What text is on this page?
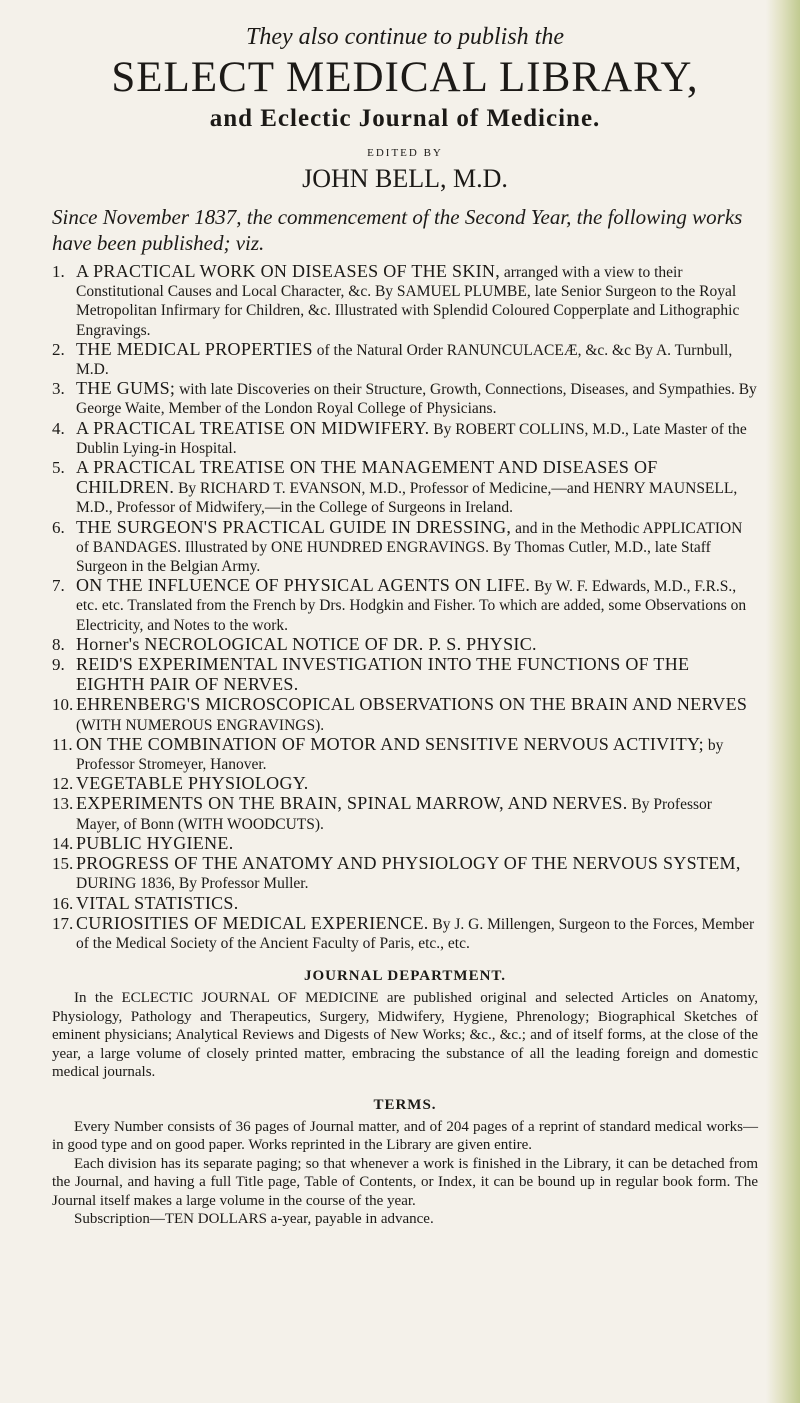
They also continue to publish the

SELECT MEDICAL LIBRARY,

and Eclectic Journal of Medicine.

EDITED BY

JOHN BELL, M.D.

Since November 1837, the commencement of the Second Year, the following works have been published; viz.

1. A PRACTICAL WORK ON DISEASES OF THE SKIN, arranged with a view to their Constitutional Causes and Local Character, &c. By SAMUEL PLUMBE, late Senior Surgeon to the Royal Metropolitan Infirmary for Children, &c. Illustrated with Splendid Coloured Copperplate and Lithographic Engravings.
2. THE MEDICAL PROPERTIES of the Natural Order RANUNCULACEÆ, &c. &c By A. Turnbull, M.D.
3. THE GUMS; with late Discoveries on their Structure, Growth, Connections, Diseases, and Sympathies. By George Waite, Member of the London Royal College of Physicians.
4. A PRACTICAL TREATISE ON MIDWIFERY. By ROBERT COLLINS, M.D., Late Master of the Dublin Lying-in Hospital.
5. A PRACTICAL TREATISE ON THE MANAGEMENT AND DISEASES OF CHILDREN. By RICHARD T. EVANSON, M.D., Professor of Medicine,—and HENRY MAUNSELL, M.D., Professor of Midwifery,—in the College of Surgeons in Ireland.
6. THE SURGEON'S PRACTICAL GUIDE IN DRESSING, and in the Methodic APPLICATION of BANDAGES. Illustrated by ONE HUNDRED ENGRAVINGS. By Thomas Cutler, M.D., late Staff Surgeon in the Belgian Army.
7. ON THE INFLUENCE OF PHYSICAL AGENTS ON LIFE. By W. F. Edwards, M.D., F.R.S., etc. etc. Translated from the French by Drs. Hodgkin and Fisher. To which are added, some Observations on Electricity, and Notes to the work.
8. Horner's NECROLOGICAL NOTICE OF DR. P. S. PHYSIC.
9. REID'S EXPERIMENTAL INVESTIGATION INTO THE FUNCTIONS OF THE EIGHTH PAIR OF NERVES.
10. EHRENBERG'S MICROSCOPICAL OBSERVATIONS ON THE BRAIN AND NERVES (WITH NUMEROUS ENGRAVINGS).
11. ON THE COMBINATION OF MOTOR AND SENSITIVE NERVOUS ACTIVITY; by Professor Stromeyer, Hanover.
12. VEGETABLE PHYSIOLOGY.
13. EXPERIMENTS ON THE BRAIN, SPINAL MARROW, AND NERVES. By Professor Mayer, of Bonn (WITH WOODCUTS).
14. PUBLIC HYGIENE.
15. PROGRESS OF THE ANATOMY AND PHYSIOLOGY OF THE NERVOUS SYSTEM, DURING 1836, By Professor Muller.
16. VITAL STATISTICS.
17. CURIOSITIES OF MEDICAL EXPERIENCE. By J. G. Millengen, Surgeon to the Forces, Member of the Medical Society of the Ancient Faculty of Paris, etc., etc.

JOURNAL DEPARTMENT.

In the ECLECTIC JOURNAL OF MEDICINE are published original and selected Articles on Anatomy, Physiology, Pathology and Therapeutics, Surgery, Midwifery, Hygiene, Phrenology; Biographical Sketches of eminent physicians; Analytical Reviews and Digests of New Works; &c., &c.; and of itself forms, at the close of the year, a large volume of closely printed matter, embracing the substance of all the leading foreign and domestic medical journals.

TERMS.

Every Number consists of 36 pages of Journal matter, and of 204 pages of a reprint of standard medical works—in good type and on good paper. Works reprinted in the Library are given entire.

Each division has its separate paging; so that whenever a work is finished in the Library, it can be detached from the Journal, and having a full Title page, Table of Contents, or Index, it can be bound up in regular book form. The Journal itself makes a large volume in the course of the year.

Subscription—TEN DOLLARS a-year, payable in advance.
